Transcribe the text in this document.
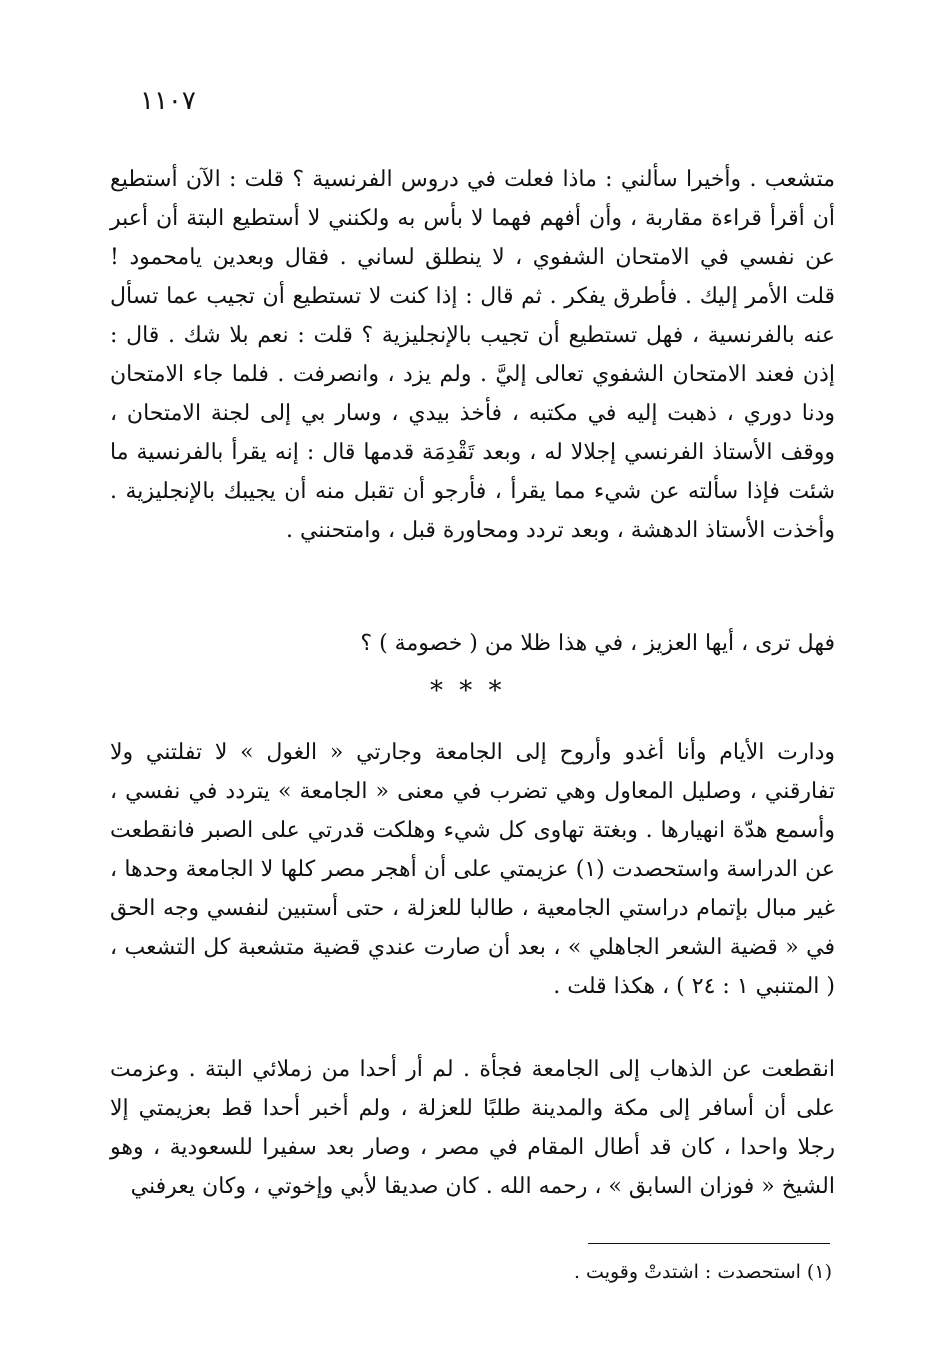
١١٠٧

متشعب . وأخيرا سألني : ماذا فعلت في دروس الفرنسية ؟ قلت : الآن أستطيع أن أقرأ قراءة مقاربة ، وأن أفهم فهما لا بأس به ولكنني لا أستطيع البتة أن أعبر عن نفسي في الامتحان الشفوي ، لا ينطلق لساني . فقال وبعدين يامحمود ! قلت الأمر إليك . فأطرق يفكر . ثم قال : إذا كنت لا تستطيع أن تجيب عما تسأل عنه بالفرنسية ، فهل تستطيع أن تجيب بالإنجليزية ؟ قلت : نعم بلا شك . قال : إذن فعند الامتحان الشفوي تعالى إليَّ . ولم يزد ، وانصرفت . فلما جاء الامتحان ودنا دوري ، ذهبت إليه في مكتبه ، فأخذ بيدي ، وسار بي إلى لجنة الامتحان ، ووقف الأستاذ الفرنسي إجلالا له ، وبعد تَقْدِمَة قدمها قال : إنه يقرأ بالفرنسية ما شئت فإذا سألته عن شيء مما يقرأ ، فأرجو أن تقبل منه أن يجيبك بالإنجليزية . وأخذت الأستاذ الدهشة ، وبعد تردد ومحاورة قبل ، وامتحنني .

فهل ترى ، أيها العزيز ، في هذا ظلا من ( خصومة ) ؟

* * *

ودارت الأيام وأنا أغدو وأروح إلى الجامعة وجارتي « الغول » لا تفلتني ولا تفارقني ، وصليل المعاول وهي تضرب في معنى « الجامعة » يتردد في نفسي ، وأسمع هدّة انهيارها . وبغتة تهاوى كل شيء وهلكت قدرتي على الصبر فانقطعت عن الدراسة واستحصدت (١) عزيمتي على أن أهجر مصر كلها لا الجامعة وحدها ، غير مبال بإتمام دراستي الجامعية ، طالبا للعزلة ، حتى أستبين لنفسي وجه الحق في « قضية الشعر الجاهلي » ، بعد أن صارت عندي قضية متشعبة كل التشعب ، ( المتنبي ١ : ٢٤ ) ، هكذا قلت .

انقطعت عن الذهاب إلى الجامعة فجأة . لم أر أحدا من زملائي البتة . وعزمت على أن أسافر إلى مكة والمدينة طلبًا للعزلة ، ولم أخبر أحدا قط بعزيمتي إلا رجلا واحدا ، كان قد أطال المقام في مصر ، وصار بعد سفيرا للسعودية ، وهو الشيخ « فوزان السابق » ، رحمه الله . كان صديقا لأبي وإخوتي ، وكان يعرفني

(١) استحصدت : اشتدتْ وقويت .
